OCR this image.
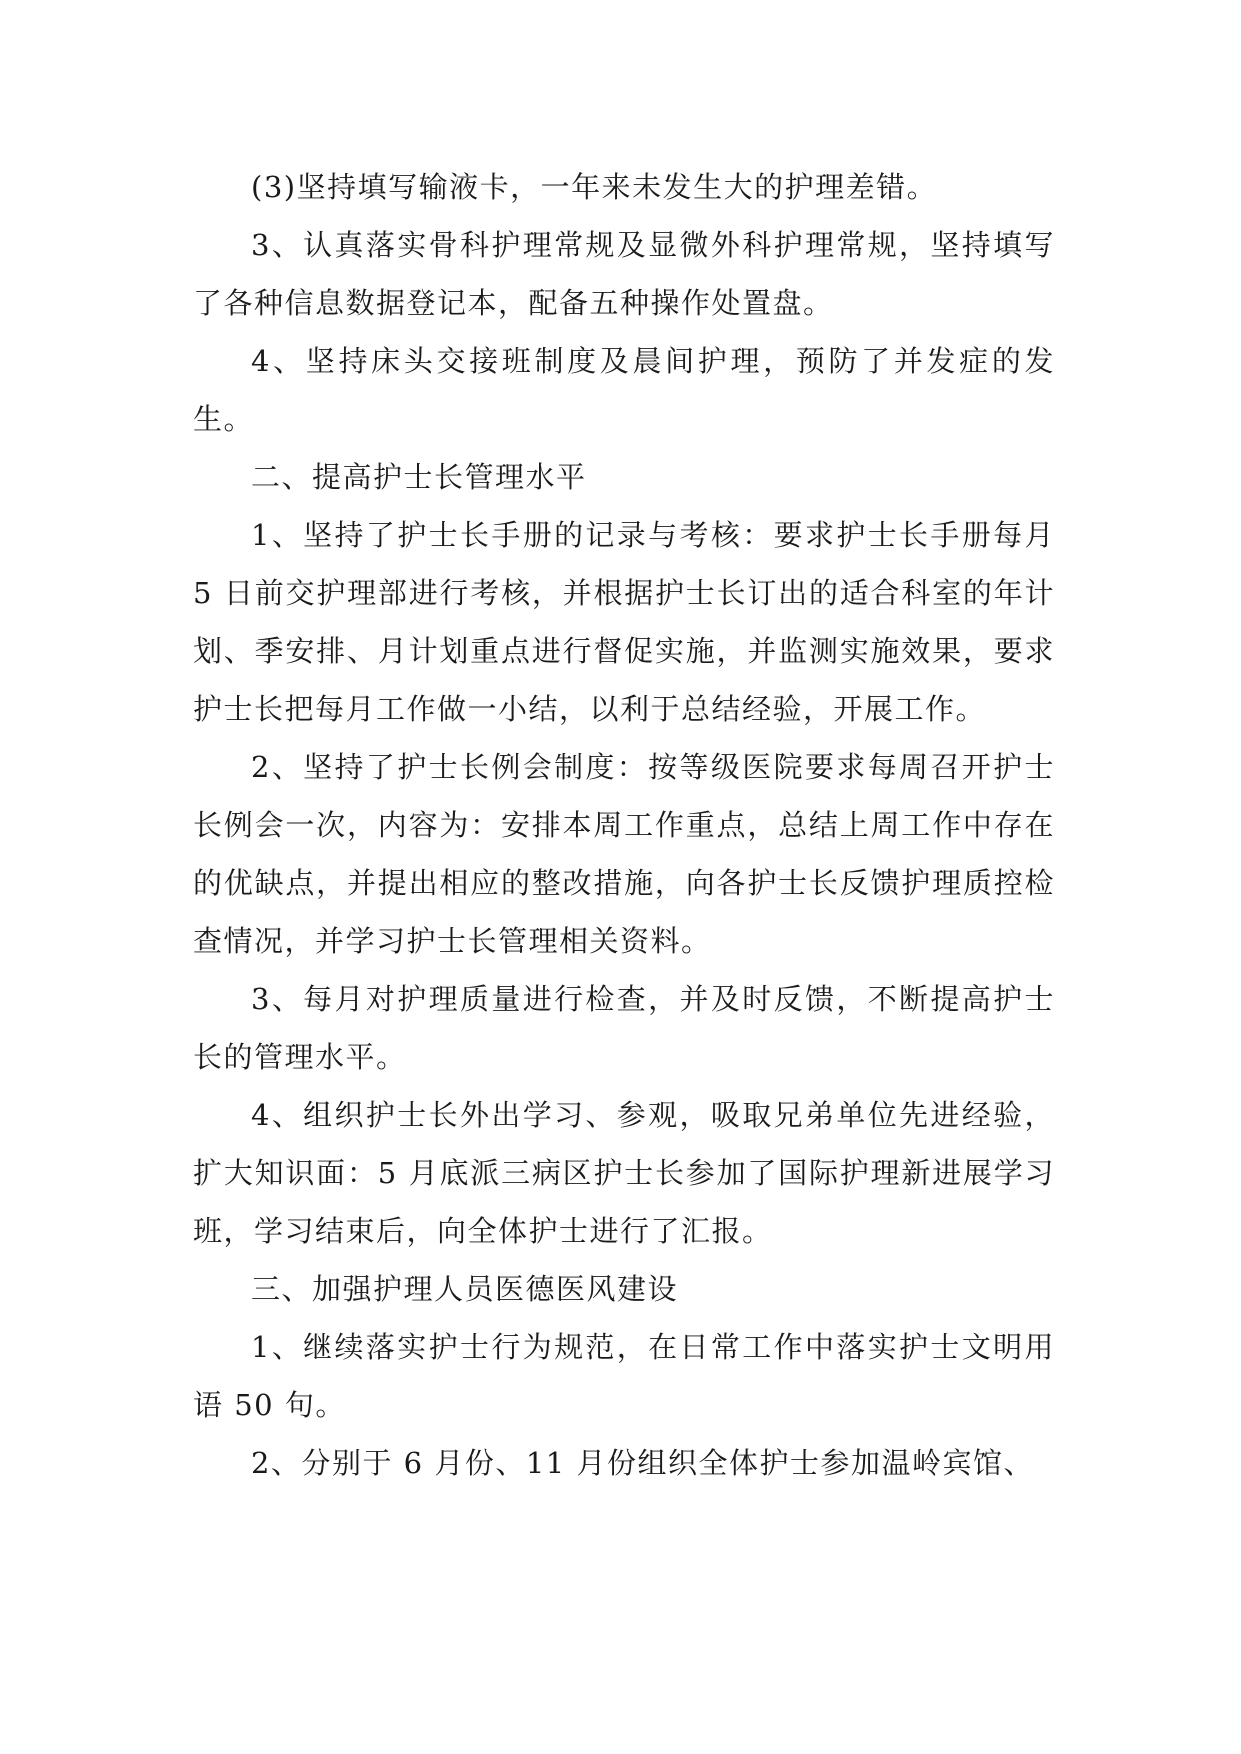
(3)坚持填写输液卡，一年来未发生大的护理差错。

3、认真落实骨科护理常规及显微外科护理常规，坚持填写了各种信息数据登记本，配备五种操作处置盘。

4、坚持床头交接班制度及晨间护理，预防了并发症的发生。

二、提高护士长管理水平

1、坚持了护士长手册的记录与考核：要求护士长手册每月 5 日前交护理部进行考核，并根据护士长订出的适合科室的年计划、季安排、月计划重点进行督促实施，并监测实施效果，要求护士长把每月工作做一小结，以利于总结经验，开展工作。

2、坚持了护士长例会制度：按等级医院要求每周召开护士长例会一次，内容为：安排本周工作重点，总结上周工作中存在的优缺点，并提出相应的整改措施，向各护士长反馈护理质控检查情况，并学习护士长管理相关资料。

3、每月对护理质量进行检查，并及时反馈，不断提高护士长的管理水平。

4、组织护士长外出学习、参观，吸取兄弟单位先进经验，扩大知识面：5 月底派三病区护士长参加了国际护理新进展学习班，学习结束后，向全体护士进行了汇报。

三、加强护理人员医德医风建设

1、继续落实护士行为规范，在日常工作中落实护士文明用语 50 句。

2、分别于 6 月份、11 月份组织全体护士参加温岭宾馆、
